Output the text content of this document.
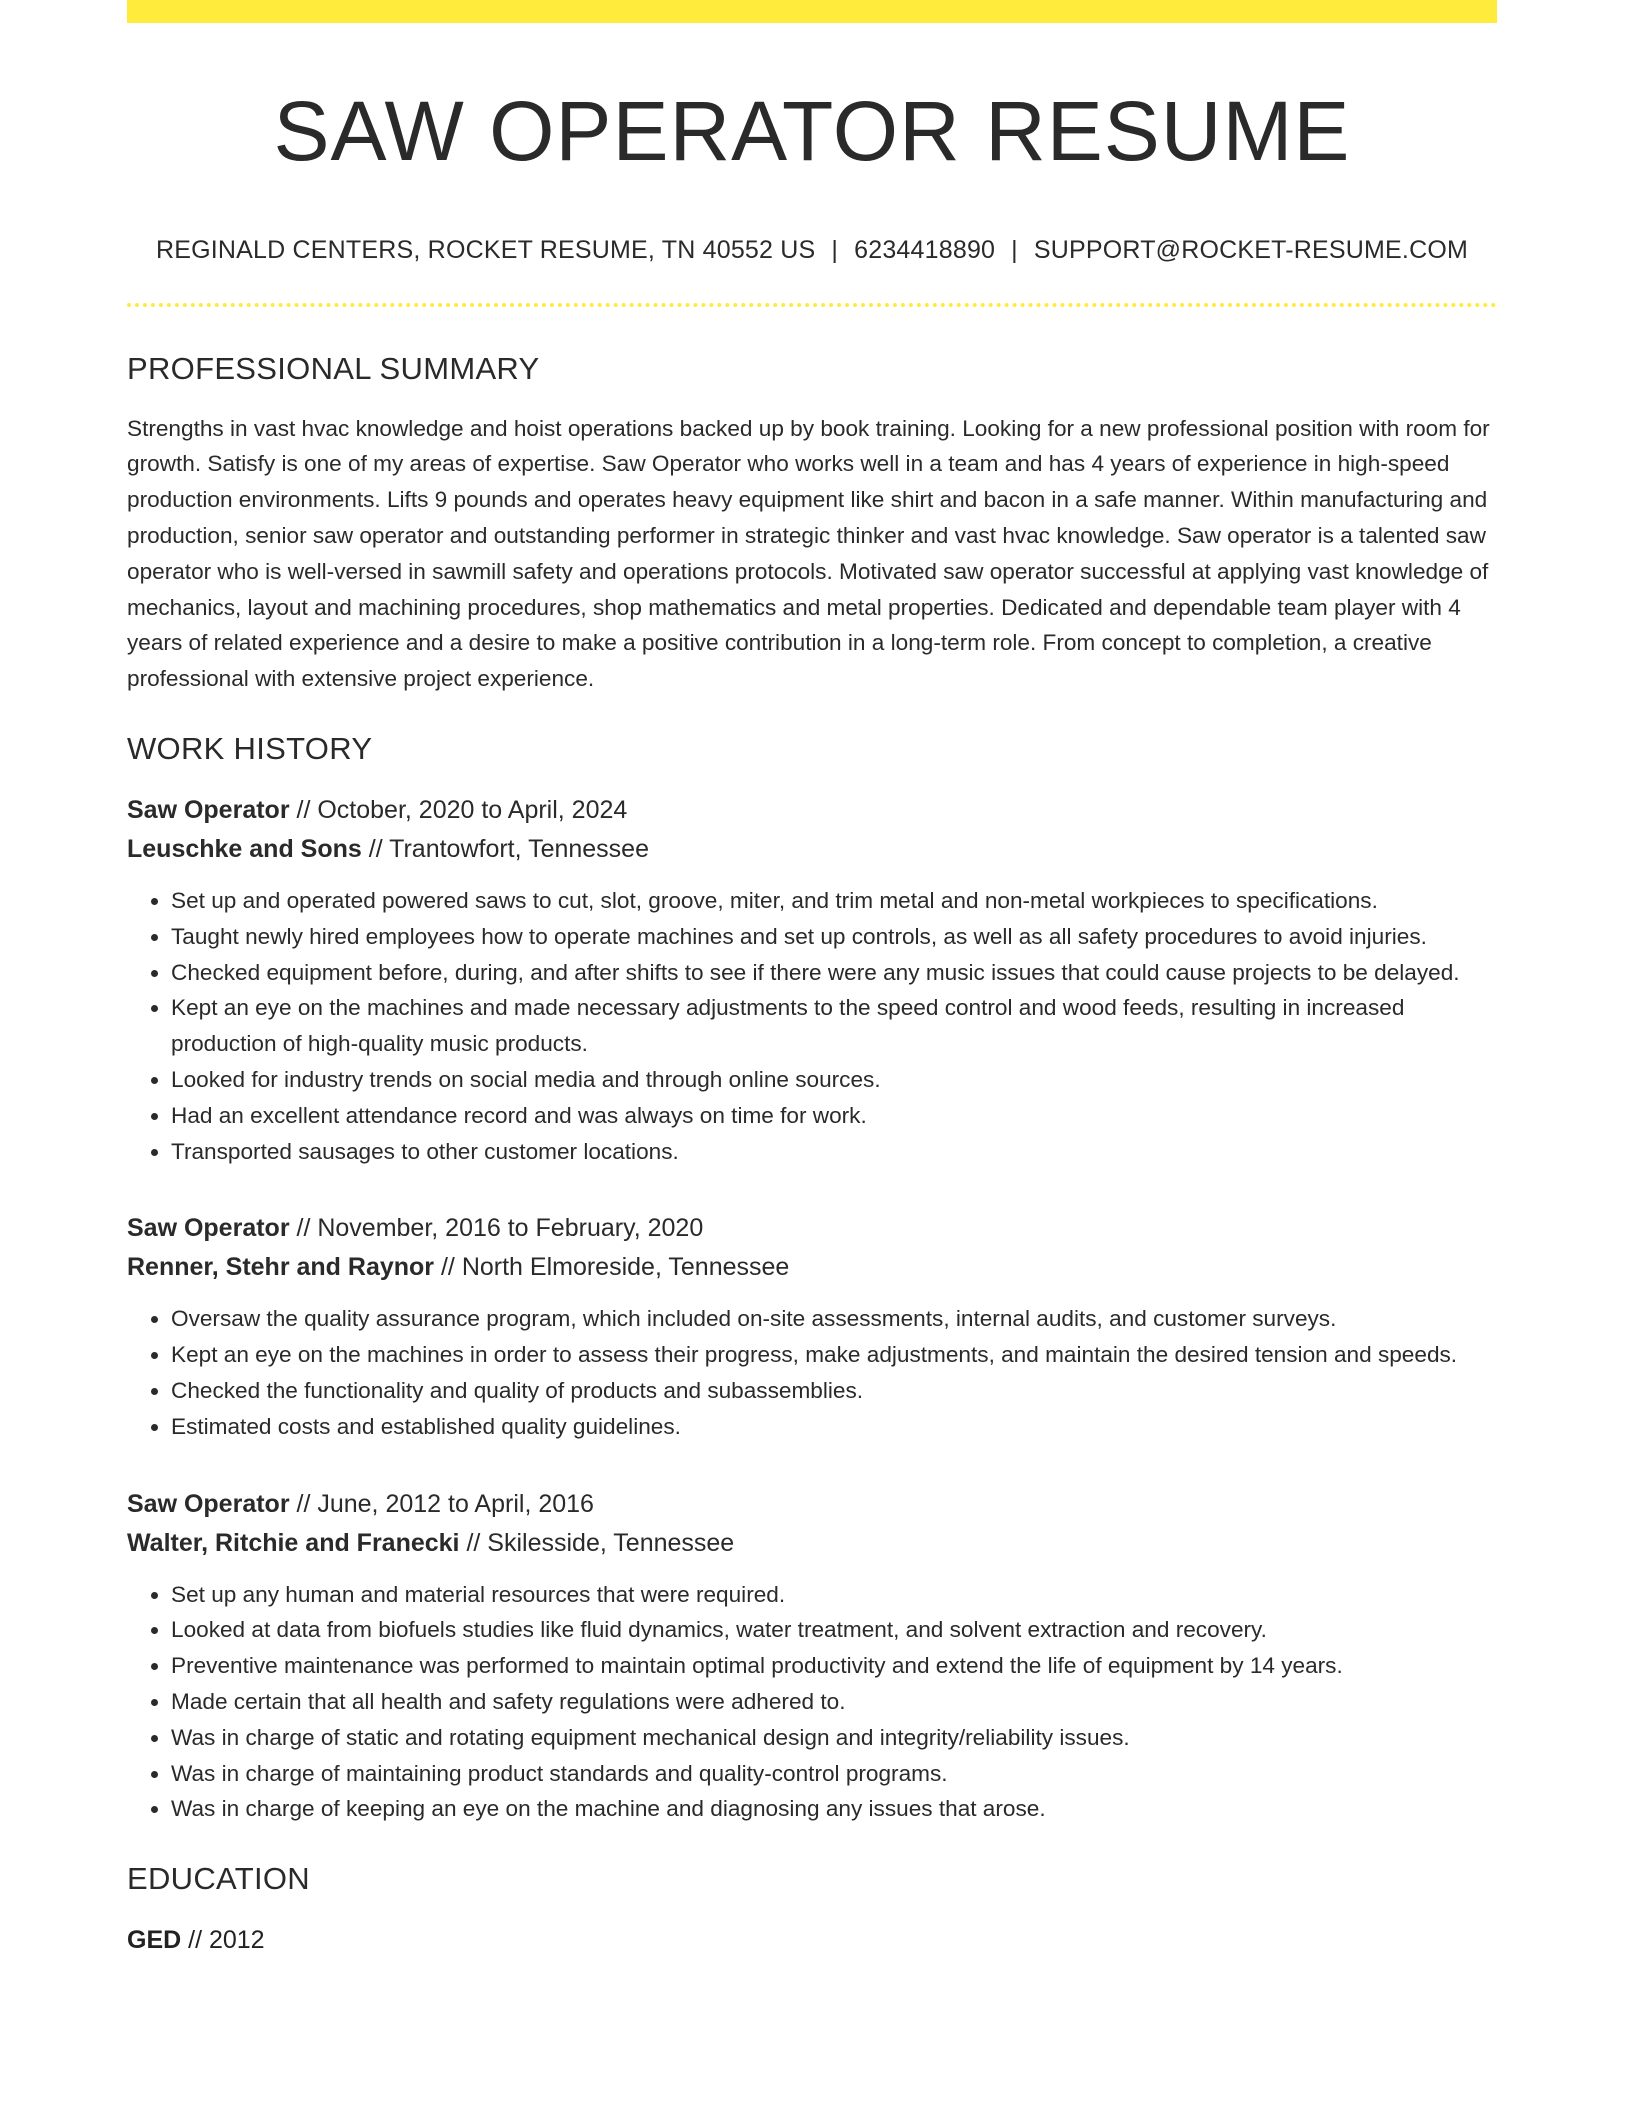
SAW OPERATOR RESUME
REGINALD CENTERS, ROCKET RESUME, TN 40552 US | 6234418890 | SUPPORT@ROCKET-RESUME.COM
PROFESSIONAL SUMMARY
Strengths in vast hvac knowledge and hoist operations backed up by book training. Looking for a new professional position with room for growth. Satisfy is one of my areas of expertise. Saw Operator who works well in a team and has 4 years of experience in high-speed production environments. Lifts 9 pounds and operates heavy equipment like shirt and bacon in a safe manner. Within manufacturing and production, senior saw operator and outstanding performer in strategic thinker and vast hvac knowledge. Saw operator is a talented saw operator who is well-versed in sawmill safety and operations protocols. Motivated saw operator successful at applying vast knowledge of mechanics, layout and machining procedures, shop mathematics and metal properties. Dedicated and dependable team player with 4 years of related experience and a desire to make a positive contribution in a long-term role. From concept to completion, a creative professional with extensive project experience.
WORK HISTORY
Saw Operator // October, 2020 to April, 2024
Leuschke and Sons // Trantowfort, Tennessee
• Set up and operated powered saws to cut, slot, groove, miter, and trim metal and non-metal workpieces to specifications.
• Taught newly hired employees how to operate machines and set up controls, as well as all safety procedures to avoid injuries.
• Checked equipment before, during, and after shifts to see if there were any music issues that could cause projects to be delayed.
• Kept an eye on the machines and made necessary adjustments to the speed control and wood feeds, resulting in increased production of high-quality music products.
• Looked for industry trends on social media and through online sources.
• Had an excellent attendance record and was always on time for work.
• Transported sausages to other customer locations.
Saw Operator // November, 2016 to February, 2020
Renner, Stehr and Raynor // North Elmoreside, Tennessee
• Oversaw the quality assurance program, which included on-site assessments, internal audits, and customer surveys.
• Kept an eye on the machines in order to assess their progress, make adjustments, and maintain the desired tension and speeds.
• Checked the functionality and quality of products and subassemblies.
• Estimated costs and established quality guidelines.
Saw Operator // June, 2012 to April, 2016
Walter, Ritchie and Franecki // Skilesside, Tennessee
• Set up any human and material resources that were required.
• Looked at data from biofuels studies like fluid dynamics, water treatment, and solvent extraction and recovery.
• Preventive maintenance was performed to maintain optimal productivity and extend the life of equipment by 14 years.
• Made certain that all health and safety regulations were adhered to.
• Was in charge of static and rotating equipment mechanical design and integrity/reliability issues.
• Was in charge of maintaining product standards and quality-control programs.
• Was in charge of keeping an eye on the machine and diagnosing any issues that arose.
EDUCATION
GED // 2012
